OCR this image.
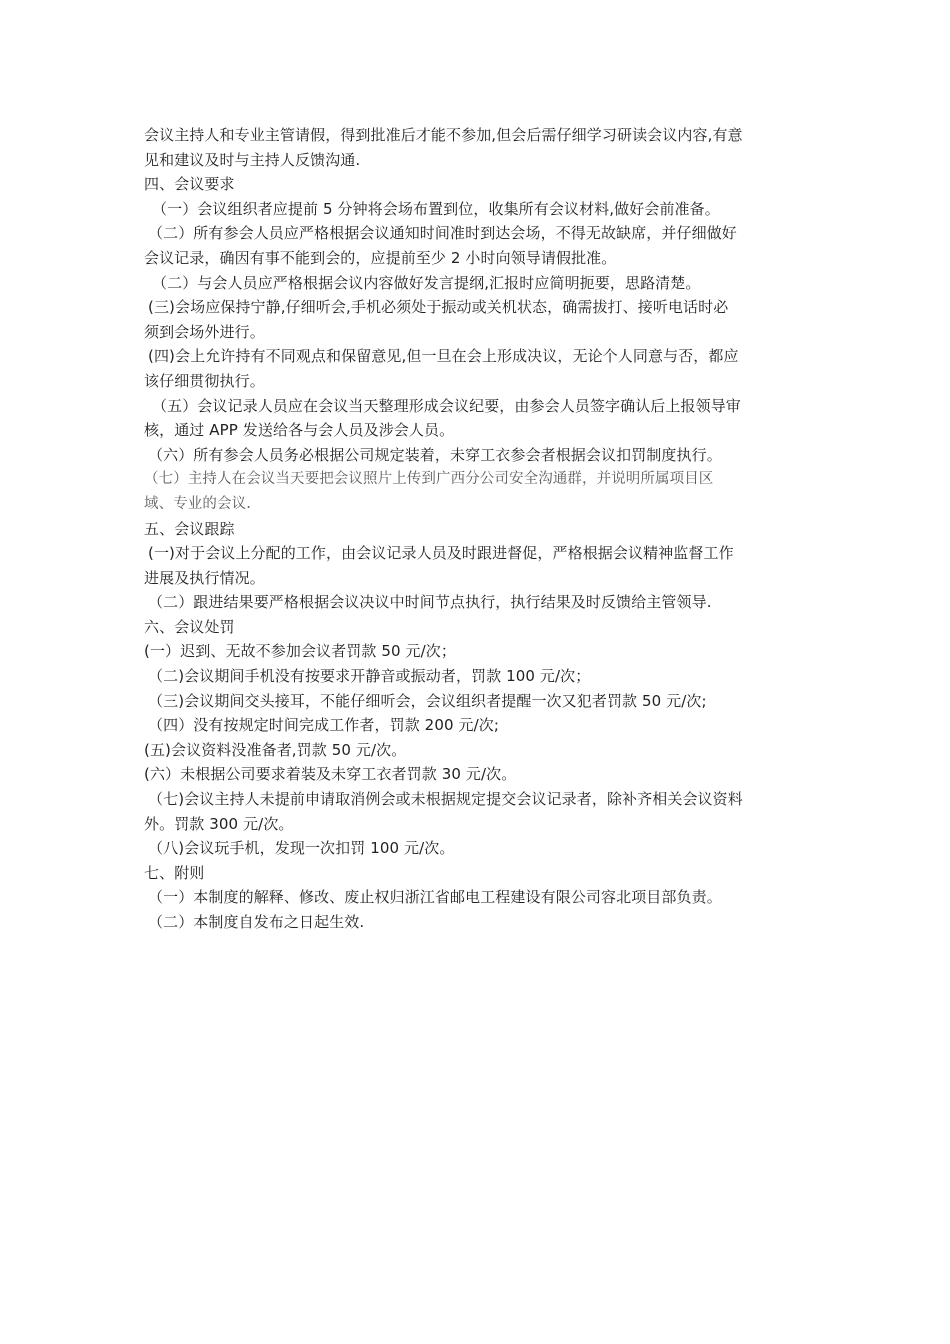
会议主持人和专业主管请假，得到批准后才能不参加,但会后需仔细学习研读会议内容,有意
见和建议及时与主持人反馈沟通.
四、会议要求
（一）会议组织者应提前 5 分钟将会场布置到位，收集所有会议材料,做好会前准备。
（二）所有参会人员应严格根据会议通知时间准时到达会场，不得无故缺席，并仔细做好
会议记录，确因有事不能到会的，应提前至少 2 小时向领导请假批准。
（二）与会人员应严格根据会议内容做好发言提纲,汇报时应简明扼要，思路清楚。
(三)会场应保持宁静,仔细听会,手机必须处于振动或关机状态，确需拔打、接听电话时必
须到会场外进行。
(四)会上允许持有不同观点和保留意见,但一旦在会上形成决议，无论个人同意与否，都应
该仔细贯彻执行。
（五）会议记录人员应在会议当天整理形成会议纪要，由参会人员签字确认后上报领导审
核，通过 APP 发送给各与会人员及涉会人员。
（六）所有参会人员务必根据公司规定装着，未穿工衣参会者根据会议扣罚制度执行。
（七）主持人在会议当天要把会议照片上传到广西分公司安全沟通群，并说明所属项目区
域、专业的会议.
五、会议跟踪
(一)对于会议上分配的工作，由会议记录人员及时跟进督促，严格根据会议精神监督工作
进展及执行情况。
（二）跟进结果要严格根据会议决议中时间节点执行，执行结果及时反馈给主管领导.
六、会议处罚
(一）迟到、无故不参加会议者罚款 50 元/次；
（二)会议期间手机没有按要求开静音或振动者，罚款 100 元/次；
（三)会议期间交头接耳，不能仔细听会，会议组织者提醒一次又犯者罚款 50 元/次;
（四）没有按规定时间完成工作者，罚款 200 元/次;
(五)会议资料没准备者,罚款 50 元/次。
(六）未根据公司要求着装及未穿工衣者罚款 30 元/次。
（七)会议主持人未提前申请取消例会或未根据规定提交会议记录者，除补齐相关会议资料
外。罚款 300 元/次。
（八)会议玩手机，发现一次扣罚 100 元/次。
七、附则
（一）本制度的解释、修改、废止权归浙江省邮电工程建设有限公司容北项目部负责。
（二）本制度自发布之日起生效.
